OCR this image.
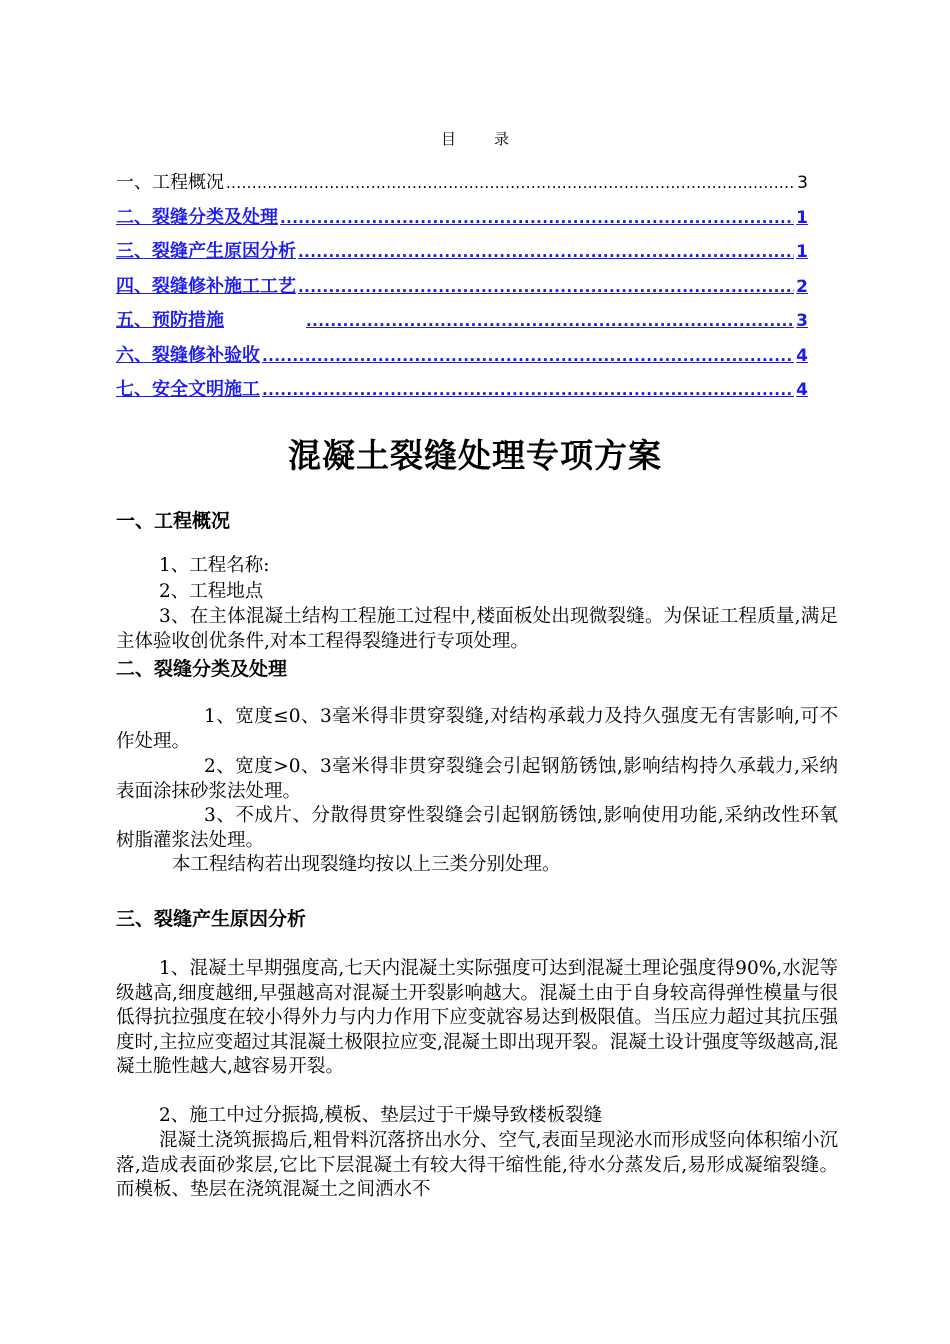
目	录
一、工程概况 .....	3
二、裂缝分类及处理 .....	1
三、裂缝产生原因分析 .....	1
四、裂缝修补施工工艺 .....	2
五、预防措施 .....	3
六、裂缝修补验收 .....	4
七、安全文明施工 .....	4
混凝土裂缝处理专项方案
一、工程概况
1、工程名称:
2、工程地点
3、在主体混凝土结构工程施工过程中,楼面板处出现微裂缝。为保证工程质量,满足主体验收创优条件,对本工程得裂缝进行专项处理。
二、裂缝分类及处理
1、宽度≤0、3毫米得非贯穿裂缝,对结构承载力及持久强度无有害影响,可不作处理。
2、宽度>0、3毫米得非贯穿裂缝会引起钢筋锈蚀,影响结构持久承载力,采纳表面涂抹砂浆法处理。
3、不成片、分散得贯穿性裂缝会引起钢筋锈蚀,影响使用功能,采纳改性环氧树脂灌浆法处理。
本工程结构若出现裂缝均按以上三类分别处理。
三、裂缝产生原因分析
1、混凝土早期强度高,七天内混凝土实际强度可达到混凝土理论强度得90%,水泥等级越高,细度越细,早强越高对混凝土开裂影响越大。混凝土由于自身较高得弹性模量与很低得抗拉强度在较小得外力与内力作用下应变就容易达到极限值。当压应力超过其抗压强度时,主拉应变超过其混凝土极限拉应变,混凝土即出现开裂。混凝土设计强度等级越高,混凝土脆性越大,越容易开裂。
2、施工中过分振捣,模板、垫层过于干燥导致楼板裂缝
混凝土浇筑振捣后,粗骨料沉落挤出水分、空气,表面呈现泌水而形成竖向体积缩小沉落,造成表面砂浆层,它比下层混凝土有较大得干缩性能,待水分蒸发后,易形成凝缩裂缝。而模板、垫层在浇筑混凝土之间洒水不
